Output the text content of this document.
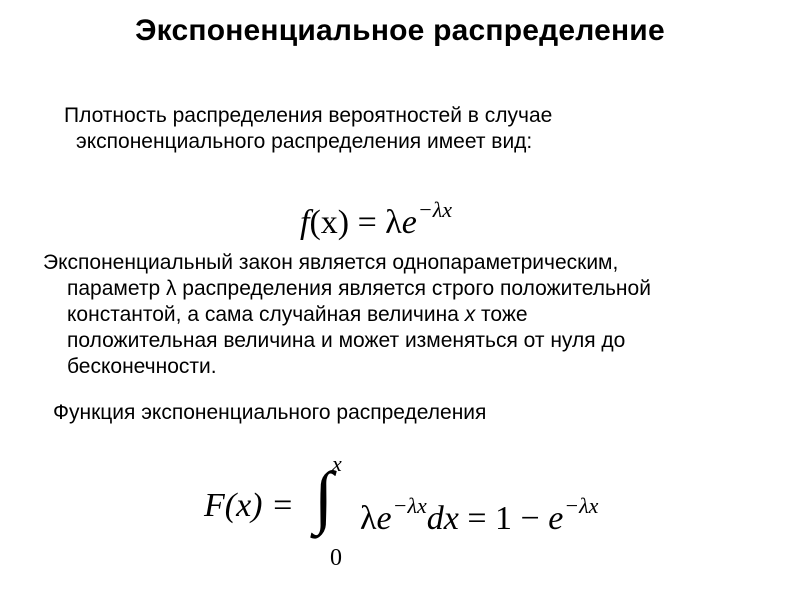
Экспоненциальное распределение

Плотность распределения вероятностей в случае
экспоненциального распределения имеет вид:

$f(x) = \lambda e^{-\lambda x}$

Экспоненциальный закон является однопараметрическим,
параметр λ распределения является строго положительной
константой, а сама случайная величина x тоже
положительная величина и может изменяться от нуля до
бесконечности.

Функция экспоненциального распределения

F(x) =
x
∫
0
$\lambda e^{-\lambda x}dx = 1 - e^{-\lambda x}$
